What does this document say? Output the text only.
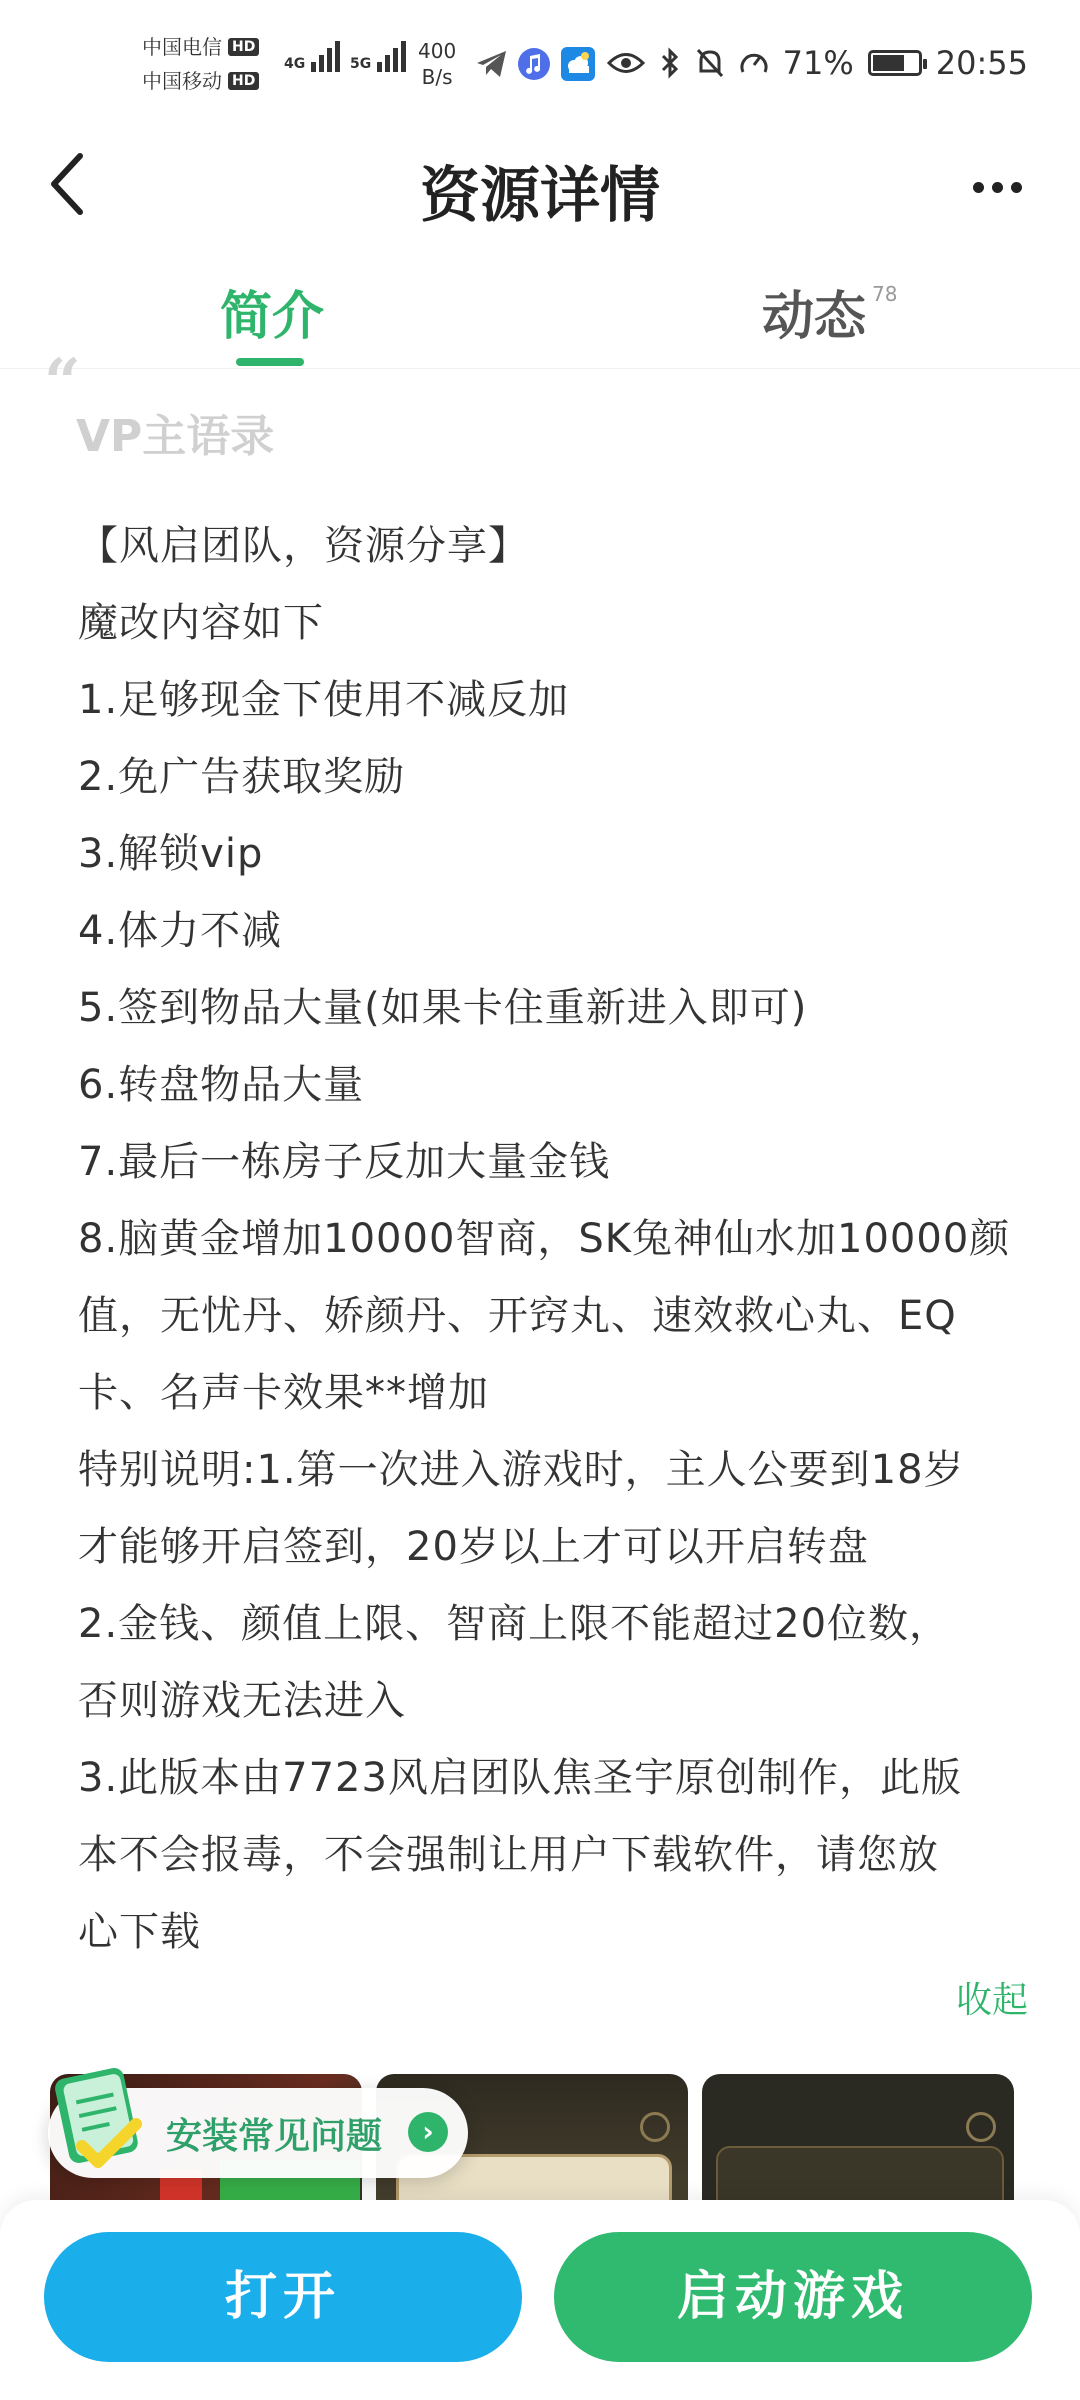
中国电信 HD
中国移动 HD
4G	5G
400
B/s	71%	20:55
资源详情
简介	动态 $^{78}$
“
VP主语录

【风启团队，资源分享】

魔改内容如下

1.足够现金下使用不减反加

2.免广告获取奖励

3.解锁vip

4.体力不减

5.签到物品大量(如果卡住重新进入即可)

6.转盘物品大量

7.最后一栋房子反加大量金钱

8.脑黄金增加10000智商，SK兔神仙水加10000颜

值，无忧丹、娇颜丹、开窍丸、速效救心丸、EQ

卡、名声卡效果**增加

特别说明:1.第一次进入游戏时，主人公要到18岁

才能够开启签到，20岁以上才可以开启转盘

2.金钱、颜值上限、智商上限不能超过20位数，

否则游戏无法进入

3.此版本由7723风启团队焦圣宇原创制作，此版

本不会报毒，不会强制让用户下载软件，请您放

心下载

收起
安装常见问题	›
打开	启动游戏
